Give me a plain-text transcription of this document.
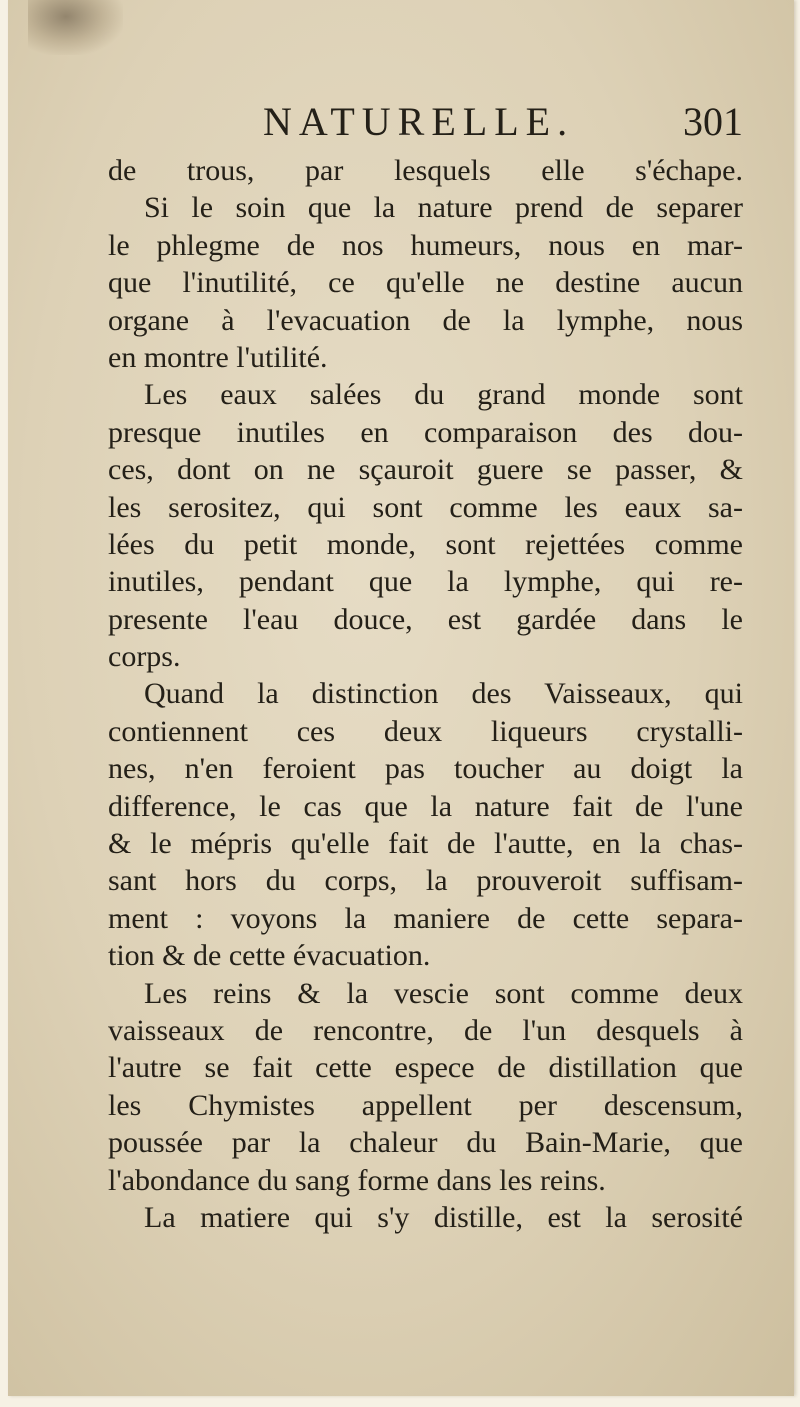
NATURELLE.	301
de trous, par lesquels elle s'échape.
Si le soin que la nature prend de separer
le phlegme de nos humeurs, nous en mar-
que l'inutilité, ce qu'elle ne destine aucun
organe à l'evacuation de la lymphe, nous
en montre l'utilité.
Les eaux salées du grand monde sont
presque inutiles en comparaison des dou-
ces, dont on ne sçauroit guere se passer, &
les serositez, qui sont comme les eaux sa-
lées du petit monde, sont rejettées comme
inutiles, pendant que la lymphe, qui re-
presente l'eau douce, est gardée dans le
corps.
Quand la distinction des Vaisseaux, qui
contiennent ces deux liqueurs crystalli-
nes, n'en feroient pas toucher au doigt la
difference, le cas que la nature fait de l'une
& le mépris qu'elle fait de l'autte, en la chas-
sant hors du corps, la prouveroit suffisam-
ment : voyons la maniere de cette separa-
tion & de cette évacuation.
Les reins & la vescie sont comme deux
vaisseaux de rencontre, de l'un desquels à
l'autre se fait cette espece de distillation que
les Chymistes appellent per descensum,
poussée par la chaleur du Bain-Marie, que
l'abondance du sang forme dans les reins.
La matiere qui s'y distille, est la serosité
